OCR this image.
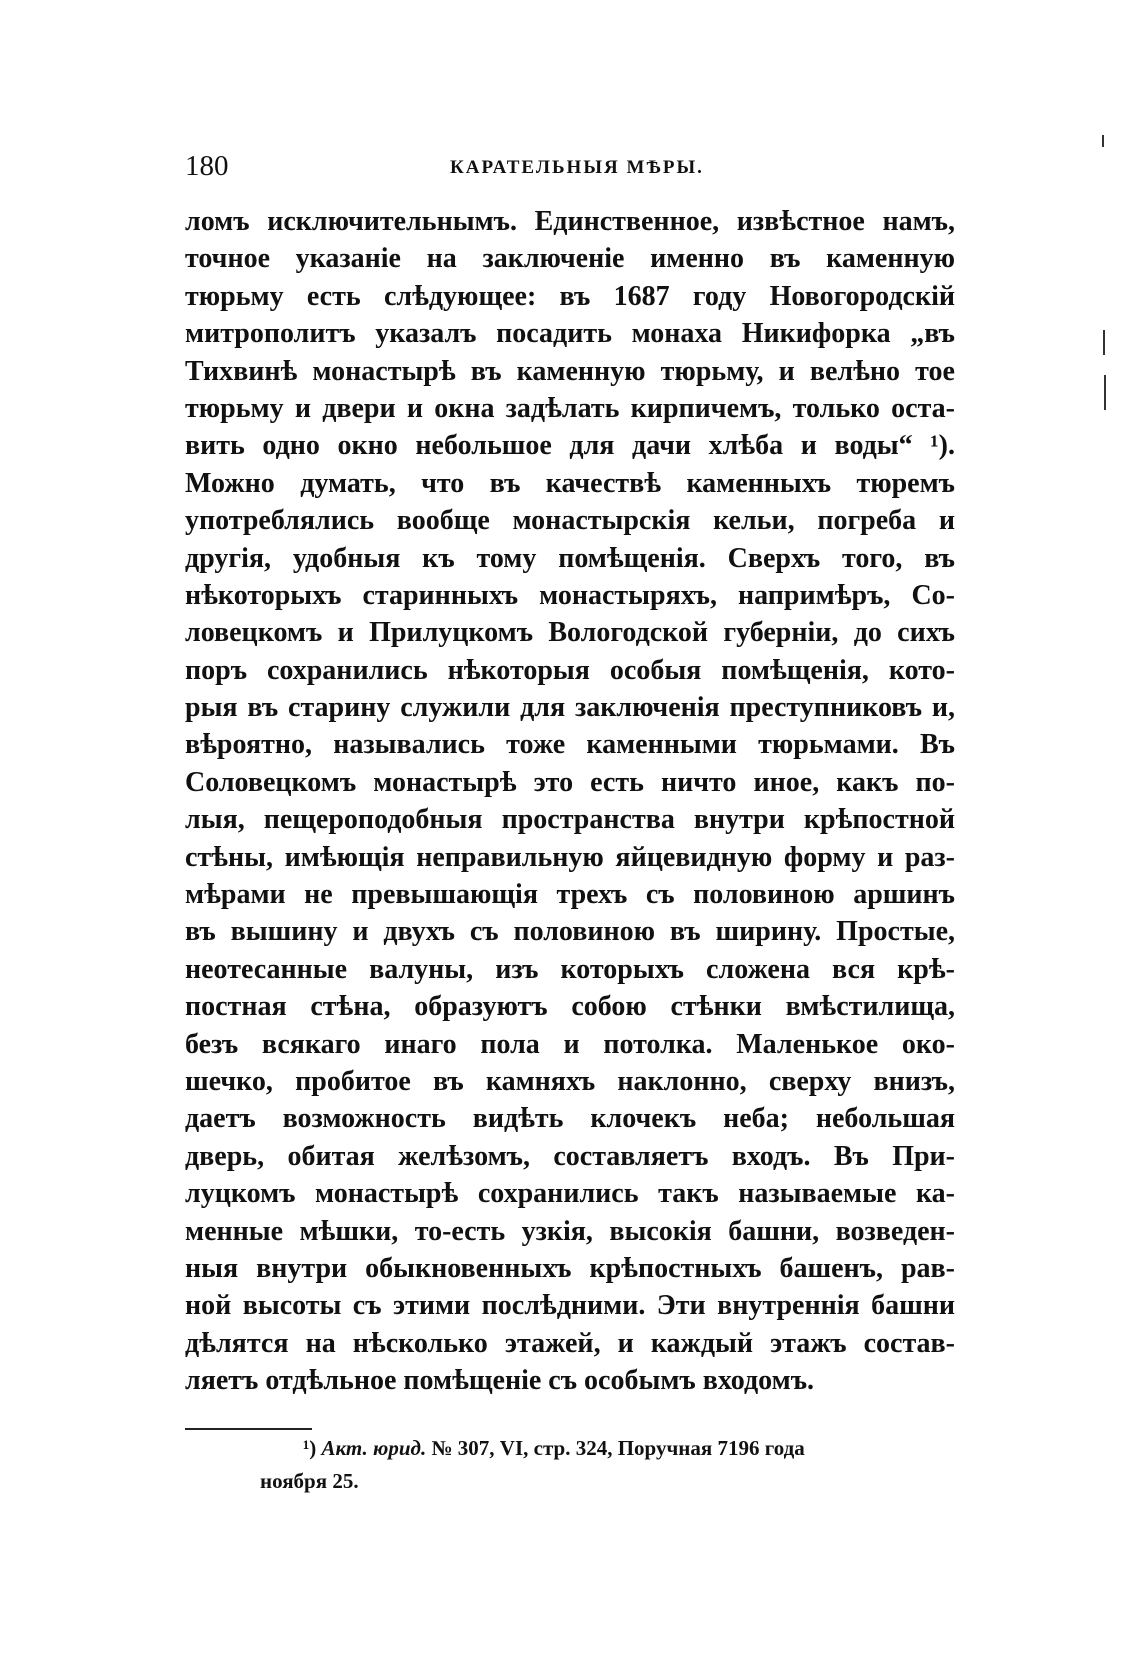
180	КАРАТЕЛЬНЫЯ МѢРЫ.
ломъ исключительнымъ. Единственное, извѣстное намъ,
точное указаніе на заключеніе именно въ каменную
тюрьму есть слѣдующее: въ 1687 году Новогородскій
митрополитъ указалъ посадить монаха Никифорка „въ
Тихвинѣ монастырѣ въ каменную тюрьму, и велѣно тое
тюрьму и двери и окна задѣлать кирпичемъ, только оста-
вить одно окно небольшое для дачи хлѣба и воды“ ¹).
Можно думать, что въ качествѣ каменныхъ тюремъ
употреблялись вообще монастырскія кельи, погреба и
другія, удобныя къ тому помѣщенія. Сверхъ того, въ
нѣкоторыхъ старинныхъ монастыряхъ, напримѣръ, Со-
ловецкомъ и Прилуцкомъ Вологодской губерніи, до сихъ
поръ сохранились нѣкоторыя особыя помѣщенія, кото-
рыя въ старину служили для заключенія преступниковъ и,
вѣроятно, назывались тоже каменными тюрьмами. Въ
Соловецкомъ монастырѣ это есть ничто иное, какъ по-
лыя, пещероподобныя пространства внутри крѣпостной
стѣны, имѣющія неправильную яйцевидную форму и раз-
мѣрами не превышающія трехъ съ половиною аршинъ
въ вышину и двухъ съ половиною въ ширину. Простые,
неотесанные валуны, изъ которыхъ сложена вся крѣ-
постная стѣна, образуютъ собою стѣнки вмѣстилища,
безъ всякаго инаго пола и потолка. Маленькое око-
шечко, пробитое въ камняхъ наклонно, сверху внизъ,
даетъ возможность видѣть клочекъ неба; небольшая
дверь, обитая желѣзомъ, составляетъ входъ. Въ При-
луцкомъ монастырѣ сохранились такъ называемые ка-
менные мѣшки, то-есть узкія, высокія башни, возведен-
ныя внутри обыкновенныхъ крѣпостныхъ башенъ, рав-
ной высоты съ этими послѣдними. Эти внутреннія башни
дѣлятся на нѣсколько этажей, и каждый этажъ состав-
ляетъ отдѣльное помѣщеніе съ особымъ входомъ.
¹) Акт. юрид. № 307, VI, стр. 324, Поручная 7196 года
ноября 25.
